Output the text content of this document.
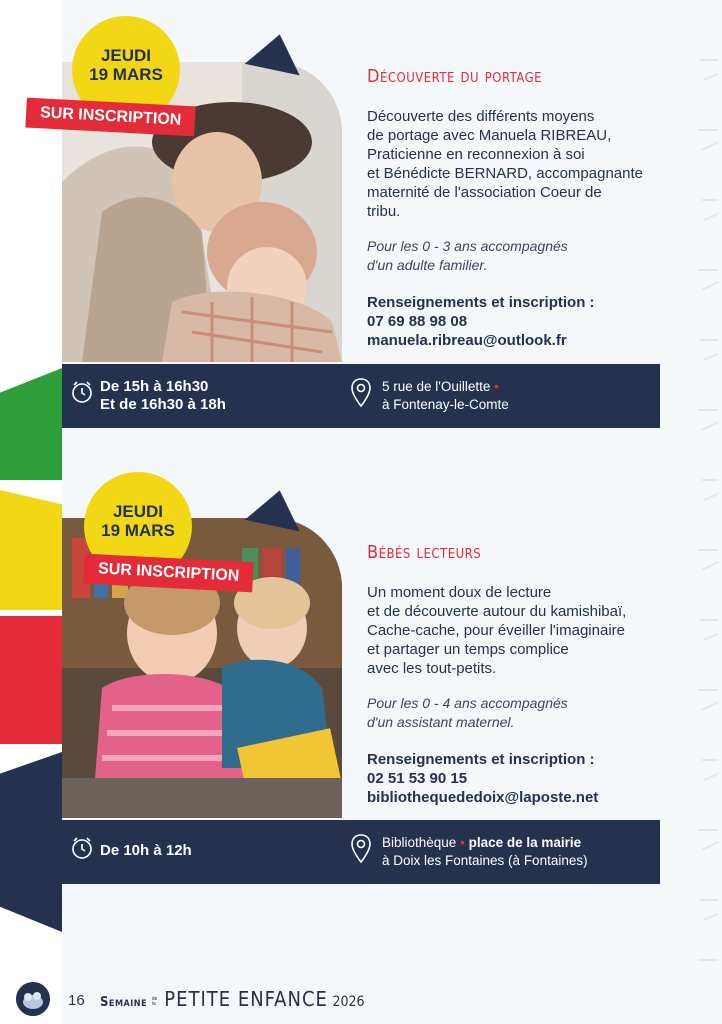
JEUDI
19 MARS
SUR INSCRIPTION
Découverte du portage
Découverte des différents moyens
de portage avec Manuela RIBREAU,
Praticienne en reconnexion à soi
et Bénédicte BERNARD, accompagnante
maternité de l'association Coeur de
tribu.
Pour les 0 - 3 ans accompagnés
d'un adulte familier.
Renseignements et inscription :
07 69 88 98 08
manuela.ribreau@outlook.fr
De 15h à 16h30
Et de 16h30 à 18h
5 rue de l'Ouillette •
à Fontenay-le-Comte
JEUDI
19 MARS
SUR INSCRIPTION
Bébés lecteurs
Un moment doux de lecture
et de découverte autour du kamishibaï,
Cache-cache, pour éveiller l'imaginaire
et partager un temps complice
avec les tout-petits.
Pour les 0 - 4 ans accompagnés
d'un assistant maternel.
Renseignements et inscription :
02 51 53 90 15
bibliothequededoix@laposte.net
De 10h à 12h	Bibliothèque • place de la mairie
à Doix les Fontaines (à Fontaines)
16 Semaine de la PETITE ENFANCE 2026
